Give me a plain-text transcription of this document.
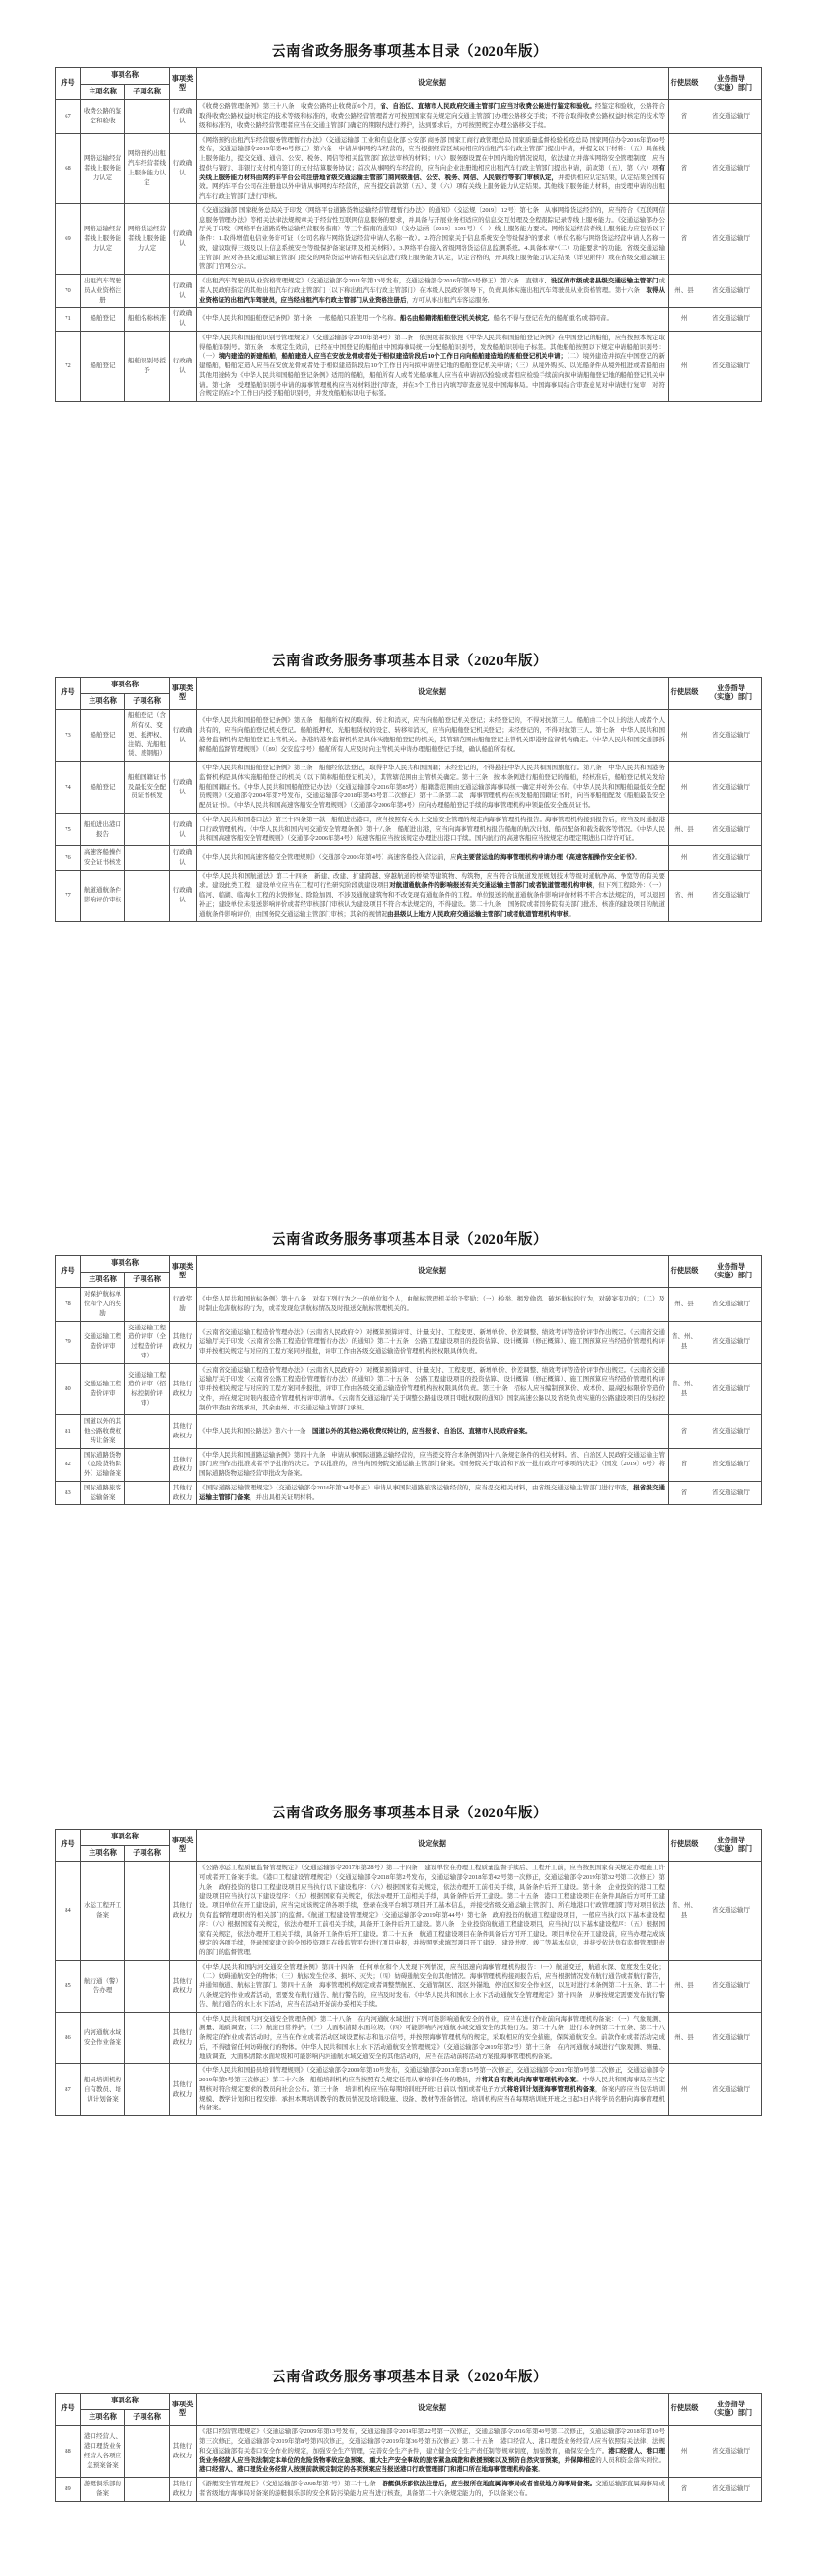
云南省政务服务事项基本目录（2020年版）
序号	事项名称		事项类型	设定依据	行使层级	业务指导
（实施）部门
	主项名称	子项名称				
67	收费公路的鉴定和验收		行政确认	《收费公路管理条例》第三十八条　收费公路终止收费前6个月，省、自治区、直辖市人民政府交通主管部门应当对收费公路进行鉴定和验收。经鉴定和验收，公路符合取得收费公路权益时核定的技术等级和标准的，收费公路经营管理者方可按照国家有关规定向交通主管部门办理公路移交手续；不符合取得收费公路权益时核定的技术等级和标准的，收费公路经营管理者应当在交通主管部门确定的期限内进行养护，达到要求后，方可按照规定办理公路移交手续。	省	省交通运输厅
68	网络运输经营者线上服务能力认定	网络预约出租汽车经营者线上服务能力认定	行政确认	《网络预约出租汽车经营服务管理暂行办法》（交通运输部 工业和信息化部 公安部 商务部 国家工商行政管理总局 国家质量监督检验检疫总局 国家网信办令2016年第60号发布，交通运输部令2019年第46号修正）第六条　申请从事网约车经营的，应当根据经营区域向相应的出租汽车行政主管部门提出申请，并提交以下材料：（五）具备线上服务能力，提交交通、通信、公安、税务、网信等相关监管部门依法审核的材料；（六）服务器设置在中国内地的情况说明，依法建立并落实网络安全管理制度，应当提供与银行、非银行支付机构签订的支付结算服务协议；首次从事网约车经营的，应当向企业注册地相应出租汽车行政主管部门提出申请，前款第（五）、第（六）项有关线上服务能力材料由网约车平台公司注册地省级交通运输主管部门商同级通信、公安、税务、网信、人民银行等部门审核认定，并提供相应认定结果，认定结果全国有效。网约车平台公司在注册地以外申请从事网约车经营的，应当提交前款第（五）、第（六）项有关线上服务能力认定结果。其他线下服务能力材料，由受理申请的出租汽车行政主管部门进行审核。	省	省交通运输厅
69	网络运输经营者线上服务能力认定	网络货运经营者线上服务能力认定	行政确认	《交通运输部 国家税务总局关于印发〈网络平台道路货物运输经营管理暂行办法〉的通知》（交运规〔2019〕12号）第七条　从事网络货运经营的，应当符合《互联网信息服务管理办法》等相关法律法规规章关于经营性互联网信息服务的要求，并具备与开展业务相适应的信息交互处理及全程跟踪记录等线上服务能力。《交通运输部办公厅关于印发〈网络平台道路货物运输经营服务指南〉等三个指南的通知》（交办运函〔2019〕1391号）（一）线上服务能力要求。网络货运经营者线上服务能力应包括以下条件：1.取得增值电信业务许可证（公司名称与网络货运经营申请人名称一致）。2.符合国家关于信息系统安全等级保护的要求（单位名称与网络货运经营申请人名称一致，建议取得三级及以上信息系统安全等级保护备案证明及相关材料）。3.网络平台接入省级网络货运信息监测系统。4.具备本章“（二）功能要求”的功能。省级交通运输主管部门应对各县交通运输主管部门提交的网络货运申请者相关信息进行线上服务能力认定，认定合格的，开具线上服务能力认定结果（详见附件）或在省级交通运输主管部门官网公示。	省	省交通运输厅
70	出租汽车驾驶员从业资格注册		行政确认	《出租汽车驾驶员从业资格管理规定》（交通运输部令2011年第13号发布，交通运输部令2016年第63号修正）第六条　直辖市、设区的市级或者县级交通运输主管部门或者人民政府指定的其他出租汽车行政主管部门（以下称出租汽车行政主管部门）在本级人民政府领导下，负责具体实施出租汽车驾驶员从业资格管理。第十六条　取得从业资格证的出租汽车驾驶员，应当经出租汽车行政主管部门从业资格注册后，方可从事出租汽车客运服务。	州、县	省交通运输厅
71	船舶登记	船舶名称核准	行政确认	《中华人民共和国船舶登记条例》第十条　一般船舶只准使用一个名称。船名由船籍港船舶登记机关核定。船名不得与登记在先的船舶重名或者同音。	州	省交通运输厅
72	船舶登记	船舶识别号授予	行政确认	《中华人民共和国船舶识别号管理规定》（交通运输部令2010年第4号）第二条　依照或者拟依照《中华人民共和国船舶登记条例》在中国登记的船舶，应当按照本规定取得船舶识别号。第五条　本规定生效前，已经在中国登记的船舶由中国海事局统一分配船舶识别号，发放船舶识别电子标签。其他船舶按照以下规定申请船舶识别号：（一）境内建造的新建船舶，船舶建造人应当在安放龙骨或者处于相似建造阶段后10个工作日内向船舶建造地的船舶登记机关申请；（二）境外建造并拟在中国登记的新建船舶，船舶定造人应当在安放龙骨或者处于相似建造阶段后10个工作日内向拟申请登记地的船舶登记机关申请；（三）从境外购买、以光船条件从境外租进或者船舶由其他用途转为《中华人民共和国船舶登记条例》适用的船舶，船舶所有人或者光船承租人应当在申请初次检验或者相应检验手续前向拟申请船舶登记地的船舶登记机关申请。第七条　受理船舶识别号申请的海事管理机构应当对材料进行审查，并在3个工作日内填写审查意见报中国海事局。中国海事局结合审查意见对申请进行复审，对符合规定的在2个工作日内授予船舶识别号，并发放船舶标识电子标签。	州	省交通运输厅
云南省政务服务事项基本目录（2020年版）
序号	事项名称		事项类型	设定依据	行使层级	业务指导
（实施）部门
	主项名称	子项名称				
73	船舶登记	船舶登记（含所有权、变更、抵押权、注销、光船租赁、废钢船）	行政确认	《中华人民共和国船舶登记条例》第五条　船舶所有权的取得、转让和消灭，应当向船舶登记机关登记；未经登记的，不得对抗第三人。船舶由二个以上的法人或者个人共有的，应当向船舶登记机关登记。船舶抵押权、光船租赁权的设定、转移和消灭，应当向船舶登记机关登记；未经登记的，不得对抗第三人。第七条　中华人民共和国港务监督机构是船舶登记主管机关。各港的港务监督机构是具体实施船舶登记的机关，其管辖范围由船舶登记主管机关即港务监督机构确定。《中华人民共和国交通部拆解船舶监督管理规则》（〔89〕交安监字号）船舶所有人应及时向主管机关申请办理船舶登记手续，确认船舶所有权。	州	省交通运输厅
74	船舶登记	船舶国籍证书及最低安全配员证书核发	行政确认	《中华人民共和国船舶登记条例》第三条　船舶经依法登记，取得中华人民共和国国籍；未经登记的，不得悬挂中华人民共和国国旗航行。第八条　中华人民共和国港务监督机构是具体实施船舶登记的机关（以下简称船舶登记机关），其管辖范围由主管机关确定。第十三条　按本条例进行船舶登记的船舶，经核准后，船舶登记机关发给船舶国籍证书。《中华人民共和国船舶登记办法》（交通运输部令2016年第85号）船籍港范围由交通运输部海事局统一确定并对外公布。《中华人民共和国船舶最低安全配员规则》（交通部令2004年第7号发布，交通运输部令2018年第43号第二次修正）第十二条第二款　海事管理机构在核发船舶国籍证书时，向当事船舶配发《船舶最低安全配员证书》。《中华人民共和国高速客船安全管理规则》（交通部令2006年第4号）应向办理船舶登记手续的海事管理机构申领最低安全配员证书。	州	省交通运输厅
75	船舶进出港口报告		行政确认	《中华人民共和国港口法》第三十四条第一款　船舶进出港口，应当按照有关水上交通安全管理的规定向海事管理机构报告。海事管理机构接到报告后，应当及时通报港口行政管理机构。《中华人民共和国内河交通安全管理条例》第十八条　船舶进出港，应当向海事管理机构报告船舶的航次计划、船员配备和载货载客等情况。《中华人民共和国高速客船安全管理规则》（交通部令2006年第4号）高速客船应当按该规定办理进出港口手续。国内航行的高速客船应当按规定办理定期进出口岸许可证。	州、县	省交通运输厅
76	高速客船操作安全证书核发		行政确认	《中华人民共和国高速客船安全管理规则》（交通部令2006年第4号）高速客船投入营运前，应向主要营运地的海事管理机构申请办理《高速客船操作安全证书》。	州	省交通运输厅
77	航道通航条件影响评价审核		行政确认	《中华人民共和国航道法》第二十四条　新建、改建、扩建跨越、穿越航道的桥梁等建筑物、构筑物，应当符合该航道发展规划技术等级对通航净高、净宽等的有关要求。建设此类工程，建设单位应当在工程可行性研究阶段就建设项目对航道通航条件的影响报送有关交通运输主管部门或者航道管理机构审核，但下列工程除外：（一）临河、临湖、临海水工程的水毁修复、除险加固、不涉及通航建筑物和不改变现有通航条件的工程。单位报送的航道通航条件影响评价材料不符合本法规定的，可以退回补正；建设单位未报送影响评价或者经审核部门审核认为建设项目不符合本法规定的，不得建设。第二十九条　国务院或者国务院有关部门批准、核准的建设项目的航道通航条件影响评价，由国务院交通运输主管部门审核；其余的视情况由县级以上地方人民政府交通运输主管部门或者航道管理机构审核。	省、州	省交通运输厅
云南省政务服务事项基本目录（2020年版）
序号	事项名称		事项类型	设定依据	行使层级	业务指导
（实施）部门
	主项名称	子项名称				
78	对保护航标单位和个人的奖励		行政奖励	《中华人民共和国航标条例》第十八条　对有下列行为之一的单位和个人，由航标管理机关给予奖励：（一）检举、揭发偷盗、破坏航标的行为，对破案有功的；（二）及时制止危害航标的行为，或者发现危害航标情况及时报送交航标管理机关的。	州、县	省交通运输厅
79	交通运输工程造价评审	交通运输工程造价评审（全过程造价评审）	其他行政权力	《云南省交通运输工程造价管理办法》（云南省人民政府令）对概算预算评审、计量支付、工程变更、新增单价、价差调整、绩效考评等造价评审作出规定。《云南省交通运输厅关于印发〈云南省公路工程造价管理暂行办法〉的通知》第二十五条　公路工程建设项目的投资估算、设计概算（修正概算）、施工图预算应当经造价管理机构评审并按相关规定与对应的工程方案同步报批，评审工作由各级交通运输造价管理机构按权限具体负责。	省、州、县	省交通运输厅
80	交通运输工程造价评审	交通运输工程造价评审（招标控制价评审）	其他行政权力	《云南省交通运输工程造价管理办法》（云南省人民政府令）对概算预算评审、计量支付、工程变更、新增单价、价差调整、绩效考评等造价评审作出规定。《云南省交通运输厅关于印发〈云南省公路工程造价管理暂行办法〉的通知》第二十五条　公路工程建设项目的投资估算、设计概算（修正概算）、施工图预算应当经造价管理机构评审并按相关规定与对应的工程方案同步报批，评审工作由各级交通运输造价管理机构按权限具体负责。第三十条　招标人应当编制预算价、成本价、最高投标限价等造价文件，并在规定时限内报造价管理机构评审清单。《云南省交通运输厅关于调整公路建设项目审批权限的通知》国家高速公路以及省级负责实施的公路建设项目的投标控制价审查由省级承担，其余由州、市交通运输主管部门承担。	省、州、县	省交通运输厅
81	国道以外的其他公路收费权转让备案		其他行政权力	《中华人民共和国公路法》第六十一条　国道以外的其他公路收费权转让的，应当报省、自治区、直辖市人民政府备案。	省	省交通运输厅
82	国际道路货物（危险货物除外）运输备案		其他行政权力	《中华人民共和国道路运输条例》第四十九条　申请从事国际道路运输经营的，应当提交符合本条例第四十八条规定条件的相关材料。省、自治区人民政府交通运输主管部门应当作出批准或者不予批准的决定。予以批准的，应当向国务院交通运输主管部门备案。《国务院关于取消和下放一批行政许可事项的决定》（国发〔2019〕6号）将国际道路货物运输经营审批改为备案。	省	省交通运输厅
83	国际道路旅客运输备案		其他行政权力	《国际道路运输管理规定》（交通运输部令2016年第34号修正）申请从事国际道路旅客运输经营的，应当提交相关材料，由省级交通运输主管部门进行审查，报省级交通运输主管部门备案，并出具相关证明材料。	省	省交通运输厅
云南省政务服务事项基本目录（2020年版）
序号	事项名称		事项类型	设定依据	行使层级	业务指导
（实施）部门
	主项名称	子项名称				
84	水运工程开工备案		其他行政权力	《公路水运工程质量监督管理规定》（交通运输部令2017年第28号）第二十四条　建设单位在办理工程质量监督手续后、工程开工前，应当按照国家有关规定办理施工许可或者开工备案手续。《港口工程建设管理规定》（交通运输部令2018年第2号发布，交通运输部令2018年第42号第一次修正，交通运输部令2019年第32号第二次修正）第九条　政府投资的港口工程建设项目应当执行以下建设程序：（六）根据国家有关规定，依法办理开工前相关手续，具备条件后开工建设。第十条　企业投资的港口工程建设项目应当执行以下建设程序：（五）根据国家有关规定，依法办理开工前相关手续，具备条件后开工建设。第二十五条　港口工程建设项目在条件具备后方可开工建设。项目单位在开工建设前，应当完成该规定的各项手续，登录在线平台填写项目开工基本信息，并接受省级交通运输主管部门、所在地港口行政管理部门等对项目依法负有监督管理职责的相关部门的监督。《航道工程建设管理规定》（交通运输部令2019年第44号）第七条　政府投资的航道工程建设项目，一般应当执行以下基本建设程序：（六）根据国家有关规定，依法办理开工前相关手续，具备开工条件后开工建设。第八条　企业投资的航道工程建设项目，应当执行以下基本建设程序：（五）根据国家有关规定，依法办理开工相关手续，具备开工条件后开工建设。第二十五条　航道工程建设项目在条件具备后方可开工建设。项目单位在开工建设前，应当办理完成该规定的各项手续，登录国家建立的全国投资项目在线监管平台进行项目申报，并按照要求填写项目开工建设、建设进度、竣工等基本信息，并接受依法负有监督管理职责的部门的监督管理。	省、州、县	省交通运输厅
85	航行通（警）告办理		其他行政权力	《中华人民共和国内河交通安全管理条例》第四十四条　任何单位和个人发现下列情况，应当迅速向海事管理机构报告：（一）航道变迁，航道水深、宽度发生变化；（二）妨碍通航安全的物体；（三）航标发生位移、损坏、灭失；（四）妨碍通航安全的其他情况。海事管理机构接到报告后，应当根据情况发布航行通告或者航行警告，并通知航道、航标主管部门。第四十五条　海事管理机构划定或者调整禁航区、交通管制区、港区外锚地、停泊区和安全作业区，以及对进行本条例第二十五条、第二十八条规定的作业或者活动，需要发布航行通告、航行警告的，应当及时发布。《中华人民共和国水上水下活动通航安全管理规定》第十四条　从事按规定需要发布航行警告、航行通告的水上水下活动，应当在活动开始前办妥相关手续。	州、县	省交通运输厅
86	内河通航水域安全作业备案		其他行政权力	《中华人民共和国内河交通安全管理条例》第二十八条　在内河通航水域进行下列可能影响通航安全的作业，应当在进行作业前向海事管理机构备案：（一）气象观测、测量、地质调查；（二）航道日常养护；（三）大面积清除水面垃圾；（四）可能影响内河通航水域交通安全的其他行为。第二十九条　进行本条例第二十五条、第二十八条规定的作业或者活动时，应当在作业或者活动区域设置标志和显示信号，并按照海事管理机构的规定，采取相应的安全措施，保障通航安全。前款作业或者活动完成后，不得遗留任何妨碍航行的物体。《中华人民共和国水上水下活动通航安全管理规定》（交通运输部令2019年第2号）第十三条　在内河通航水域进行气象观测、测量、地质调查、大面积清除水面垃圾和可能影响内河通航水域交通安全的其他活动的，应当在活动前将活动方案报海事管理机构备案。	州、县	省交通运输厅
87	船员培训机构自有教员、培训计划备案		其他行政权力	《中华人民共和国船员培训管理规则》（交通运输部令2009年第10号发布，交通运输部令2013年第15号第一次修正，交通运输部令2017年第9号第二次修正，交通运输部令2019年第5号第三次修正）第二十六条　船舶培训机构应当按照有关规定任用从事培训任务的教员，并将其自有教员向海事管理机构备案。中华人民共和国海事局应当定期核对符合规定要求的教员向社会公布。第三十条　培训机构应当在每期培训班开班3日前以书面或者电子方式将培训计划报海事管理机构备案，备案内容应当包括培训规模、教学计划和日程安排、承担本期培训教学的教员情况及培训设施、设备、教材等准备情况。培训机构应当在每期培训班开班之日起3日内将学员名册向海事管理机构备案。	州	省交通运输厅
云南省政务服务事项基本目录（2020年版）
序号	事项名称		事项类型	设定依据	行使层级	业务指导
（实施）部门
	主项名称	子项名称				
88	港口经营人、港口理货业务经营人各项应急预案备案		其他行政权力	《港口经营管理规定》（交通运输部令2009年第13号发布，交通运输部令2014年第22号第一次修正，交通运输部令2016年第43号第二次修正，交通运输部令2018年第10号第三次修正，交通运输部令2019年第8号第四次修正，交通运输部令2019年第36号第五次修正）第二十五条　港口经营人、港口理货业务经营人应当依照有关法律、法规和交通运输部有关港口安全作业的规定，加强安全生产管理，完善安全生产条件，建立健全安全生产责任制等规章制度，加强教育，确保安全生产。港口经营人、港口理货业务经营人应当依法制定本单位的危险货物事故应急预案、重大生产安全事故的旅客紧急疏散和救援预案以及预防自然灾害预案，并保障相应的人员和资金落实到位。港口经营人、港口理货业务经营人按照前款规定制定的各项预案应当报送港口行政管理部门和港口所在地海事管理机构备案。	州	省交通运输厅
89	游艇俱乐部的备案		其他行政权力	《游艇安全管理规定》（交通运输部令2008年第7号）第二十七条　游艇俱乐部依法注册后，应当报所在地直属海事局或者省级地方海事局备案。交通运输部直属海事局或者省级地方海事局对备案的游艇俱乐部的安全和防污染能力应当进行核查，具备第二十六条规定能力的，予以备案公布。	省	省交通运输厅
